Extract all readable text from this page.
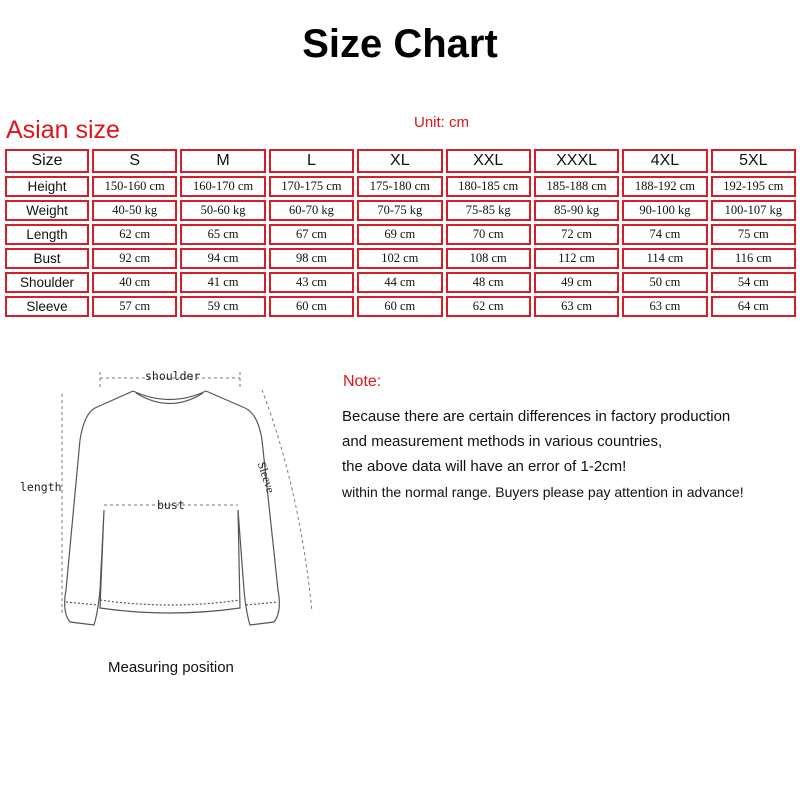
Size Chart
Asian size	Unit: cm
Size	S	M	L	XL	XXL	XXXL	4XL	5XL
Height	150-160 cm	160-170 cm	170-175 cm	175-180 cm	180-185 cm	185-188 cm	188-192 cm	192-195 cm
Weight	40-50 kg	50-60 kg	60-70 kg	70-75 kg	75-85 kg	85-90 kg	90-100 kg	100-107 kg
Length	62 cm	65 cm	67 cm	69 cm	70 cm	72 cm	74 cm	75 cm
Bust	92 cm	94 cm	98 cm	102 cm	108 cm	112 cm	114 cm	116 cm
Shoulder	40 cm	41 cm	43 cm	44 cm	48 cm	49 cm	50 cm	54 cm
Sleeve	57 cm	59 cm	60 cm	60 cm	62 cm	63 cm	63 cm	64 cm
shoulder
length
bust
Sleeve
Measuring position
Note:
Because there are certain differences in factory production
and measurement methods in various countries,
the above data will have an error of 1-2cm!
within the normal range. Buyers please pay attention in advance!
